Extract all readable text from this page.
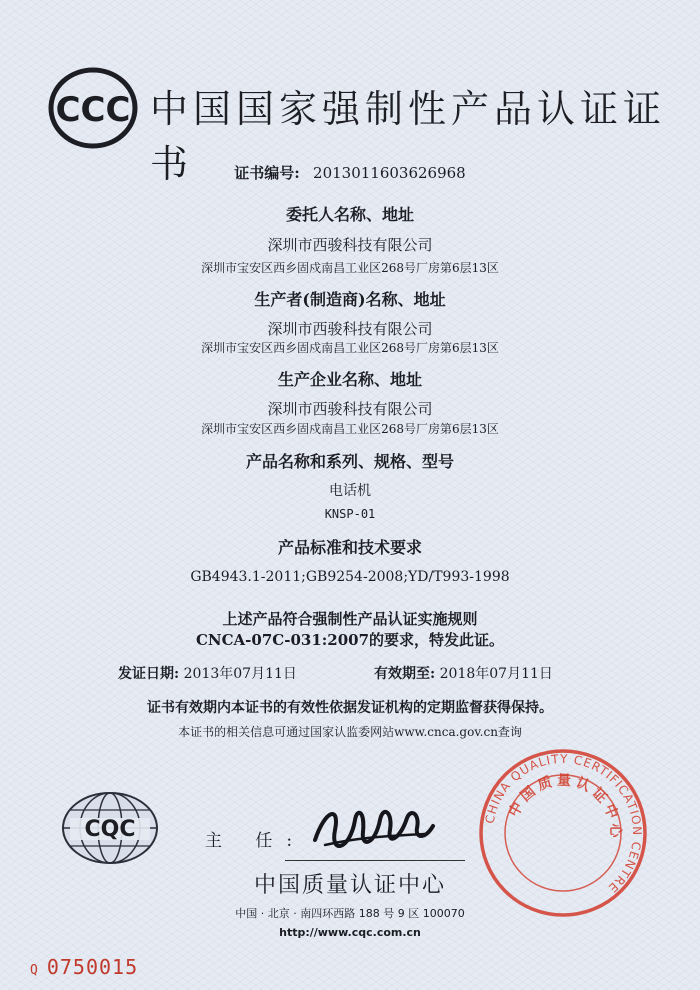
CCC 中国国家强制性产品认证证书	证书编号: 2013011603626968
委托人名称、地址
深圳市西骏科技有限公司
深圳市宝安区西乡固戍南昌工业区268号厂房第6层13区
生产者(制造商)名称、地址
深圳市西骏科技有限公司
深圳市宝安区西乡固戍南昌工业区268号厂房第6层13区
生产企业名称、地址
深圳市西骏科技有限公司
深圳市宝安区西乡固戍南昌工业区268号厂房第6层13区
产品名称和系列、规格、型号
电话机
KNSP-01
产品标准和技术要求
GB4943.1-2011;GB9254-2008;YD/T993-1998
上述产品符合强制性产品认证实施规则
CNCA-07C-031:2007的要求，特发此证。
发证日期: 2013年07月11日	有效期至: 2018年07月11日
证书有效期内本证书的有效性依据发证机构的定期监督获得保持。
本证书的相关信息可通过国家认监委网站www.cnca.gov.cn查询
CQC	主 任:
中国质量认证中心
中国 · 北京 · 南四环西路 188 号 9 区 100070
http://www.cqc.com.cn
CHINA QUALITY CERTIFICATION CENTRE
中国质量认证中心
Q 0750015
